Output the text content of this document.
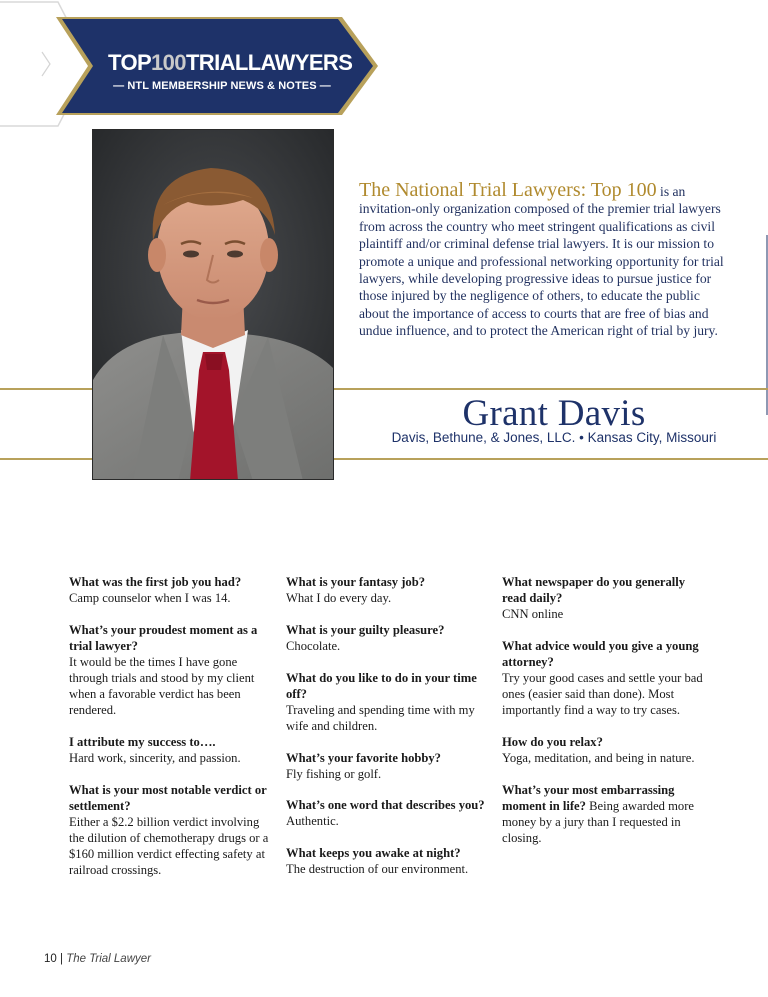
TOP100TRIALLAWYERS
— NTL MEMBERSHIP NEWS & NOTES —
The National Trial Lawyers: Top 100 is an invitation-only organization composed of the premier trial lawyers from across the country who meet stringent qualifications as civil plaintiff and/or criminal defense trial lawyers. It is our mission to promote a unique and professional networking opportunity for trial lawyers, while developing progressive ideas to pursue justice for those injured by the negligence of others, to educate the public about the importance of access to courts that are free of bias and undue influence, and to protect the American right of trial by jury.
Grant Davis
Davis, Bethune, & Jones, LLC. • Kansas City, Missouri
What was the first job you had?
Camp counselor when I was 14.
What’s your proudest moment as a trial lawyer?
It would be the times I have gone through trials and stood by my client when a favorable verdict has been rendered.
I attribute my success to….
Hard work, sincerity, and passion.
What is your most notable verdict or settlement?
Either a $2.2 billion verdict involving the dilution of chemotherapy drugs or a $160 million verdict effecting safety at railroad crossings.
What is your fantasy job?
What I do every day.
What is your guilty pleasure?
Chocolate.
What do you like to do in your time off?
Traveling and spending time with my wife and children.
What’s your favorite hobby?
Fly fishing or golf.
What’s one word that describes you?
Authentic.
What keeps you awake at night?
The destruction of our environment.
What newspaper do you generally read daily?
CNN online
What advice would you give a young attorney?
Try your good cases and settle your bad ones (easier said than done). Most importantly find a way to try cases.
How do you relax?
Yoga, meditation, and being in nature.
What’s your most embarrassing moment in life? Being awarded more money by a jury than I requested in closing.
10 | The Trial Lawyer
